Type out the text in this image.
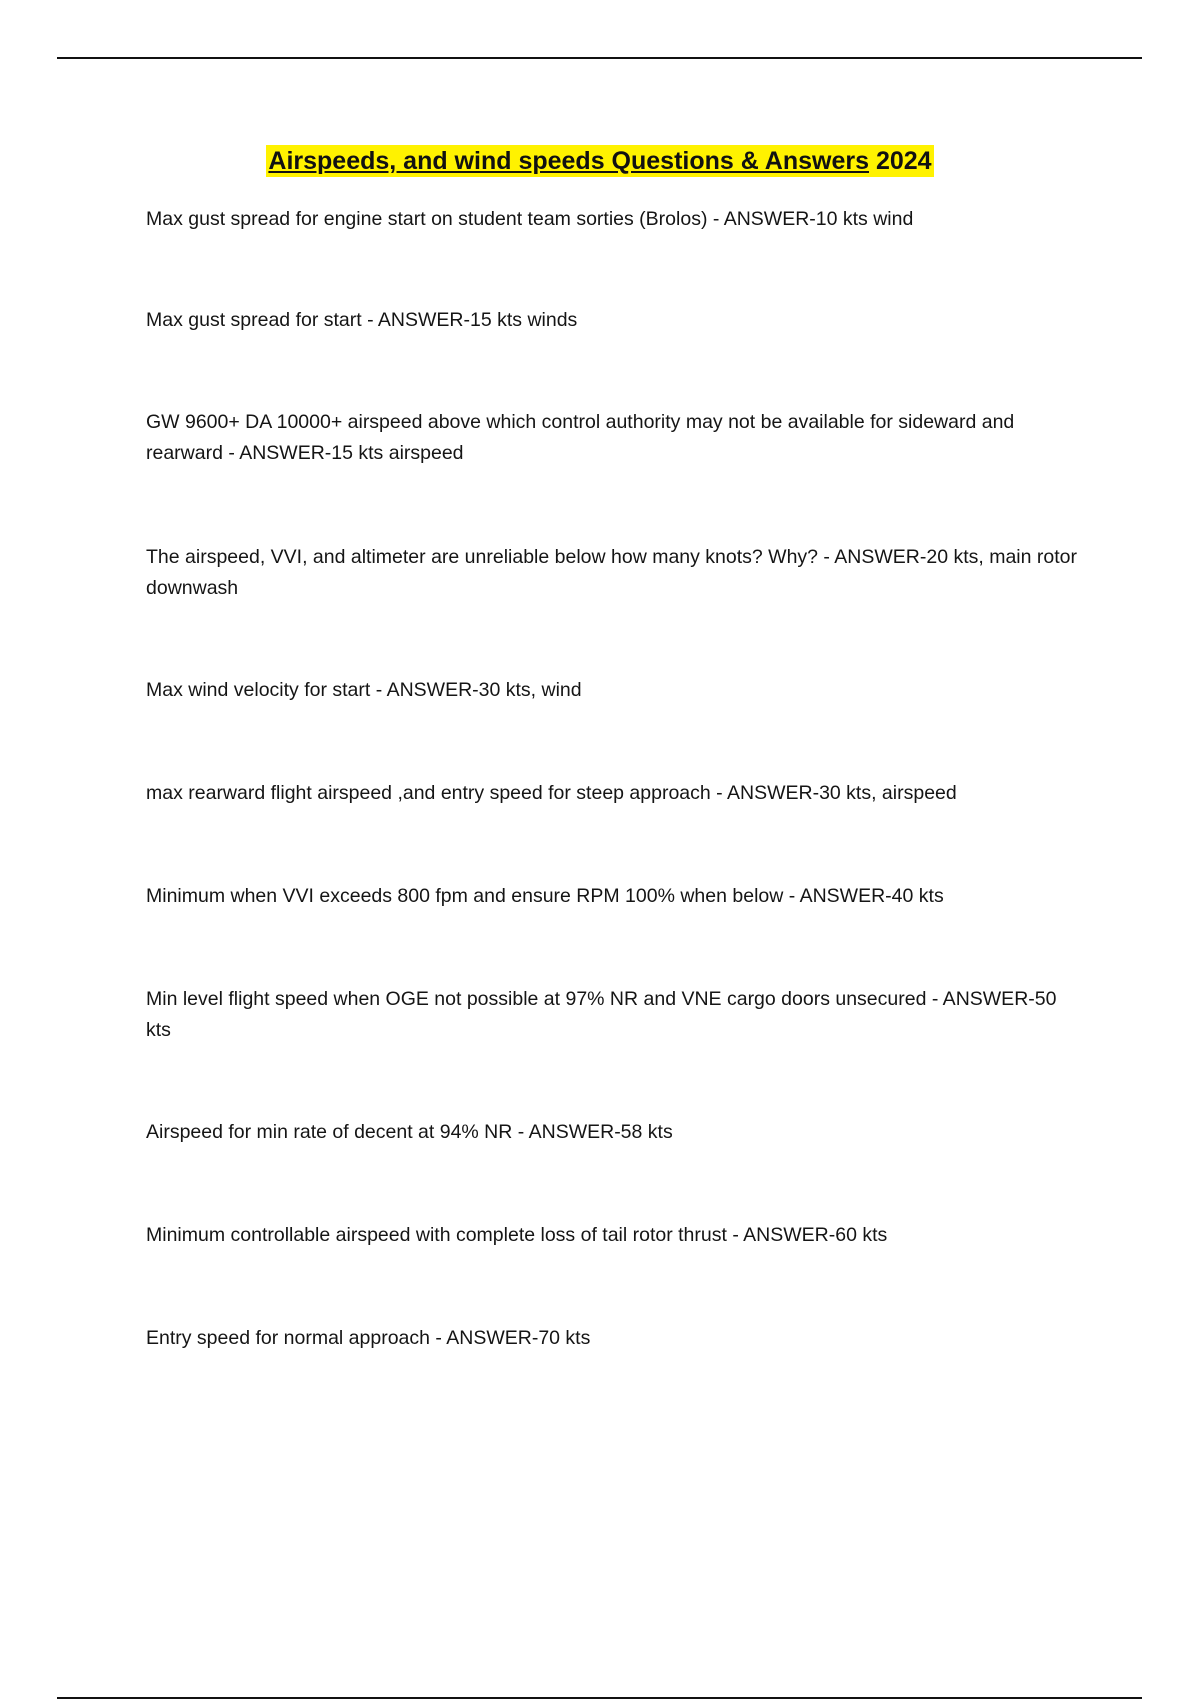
Airspeeds, and wind speeds Questions & Answers 2024
Max gust spread for engine start on student team sorties (Brolos) - ANSWER-10 kts wind
Max gust spread for start - ANSWER-15 kts winds
GW 9600+ DA 10000+ airspeed above which control authority may not be available for sideward and rearward - ANSWER-15 kts airspeed
The airspeed, VVI, and altimeter are unreliable below how many knots? Why? - ANSWER-20 kts, main rotor downwash
Max wind velocity for start - ANSWER-30 kts, wind
max rearward flight airspeed ,and entry speed for steep approach - ANSWER-30 kts, airspeed
Minimum when VVI exceeds 800 fpm and ensure RPM 100% when below - ANSWER-40 kts
Min level flight speed when OGE not possible at 97% NR and VNE cargo doors unsecured - ANSWER-50 kts
Airspeed for min rate of decent at 94% NR - ANSWER-58 kts
Minimum controllable airspeed with complete loss of tail rotor thrust - ANSWER-60 kts
Entry speed for normal approach - ANSWER-70 kts
